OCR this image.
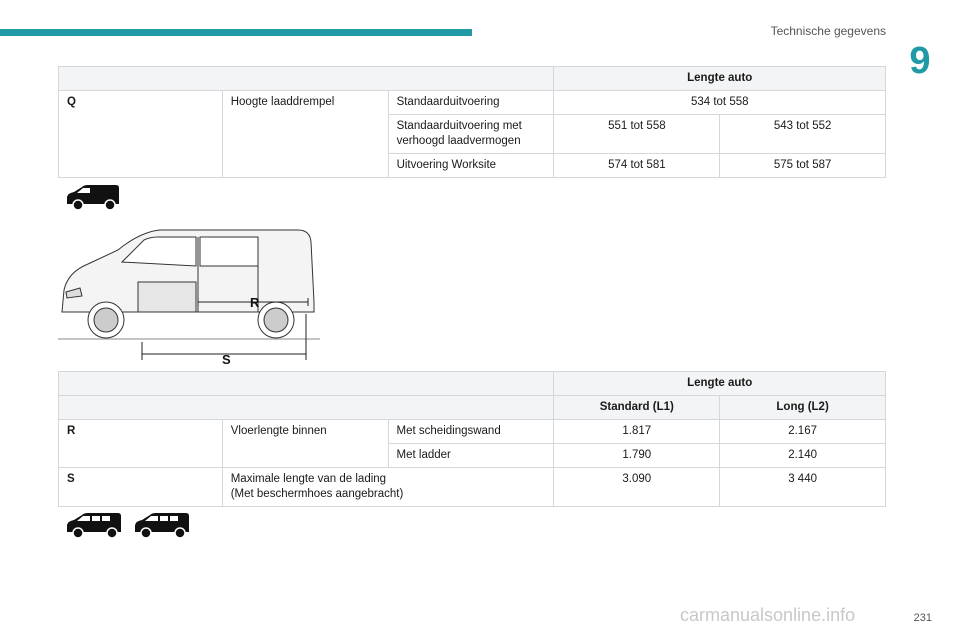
Technische gegevens
9
			Lengte auto	
Q	Hoogte laaddrempel	Standaarduitvoering	534 tot 558	
		Standaarduitvoering met
verhoogd laadvermogen	551 tot 558	543 tot 552
		Uitvoering Worksite	574 tot 581	575 tot 587
R
S
			Lengte auto	
			Standard (L1)	Long (L2)
R	Vloerlengte binnen	Met scheidingswand	1.817	2.167
		Met ladder	1.790	2.140
S	Maximale lengte van de lading
(Met beschermhoes aangebracht)		3.090	3 440
carmanualsonline.info	231
